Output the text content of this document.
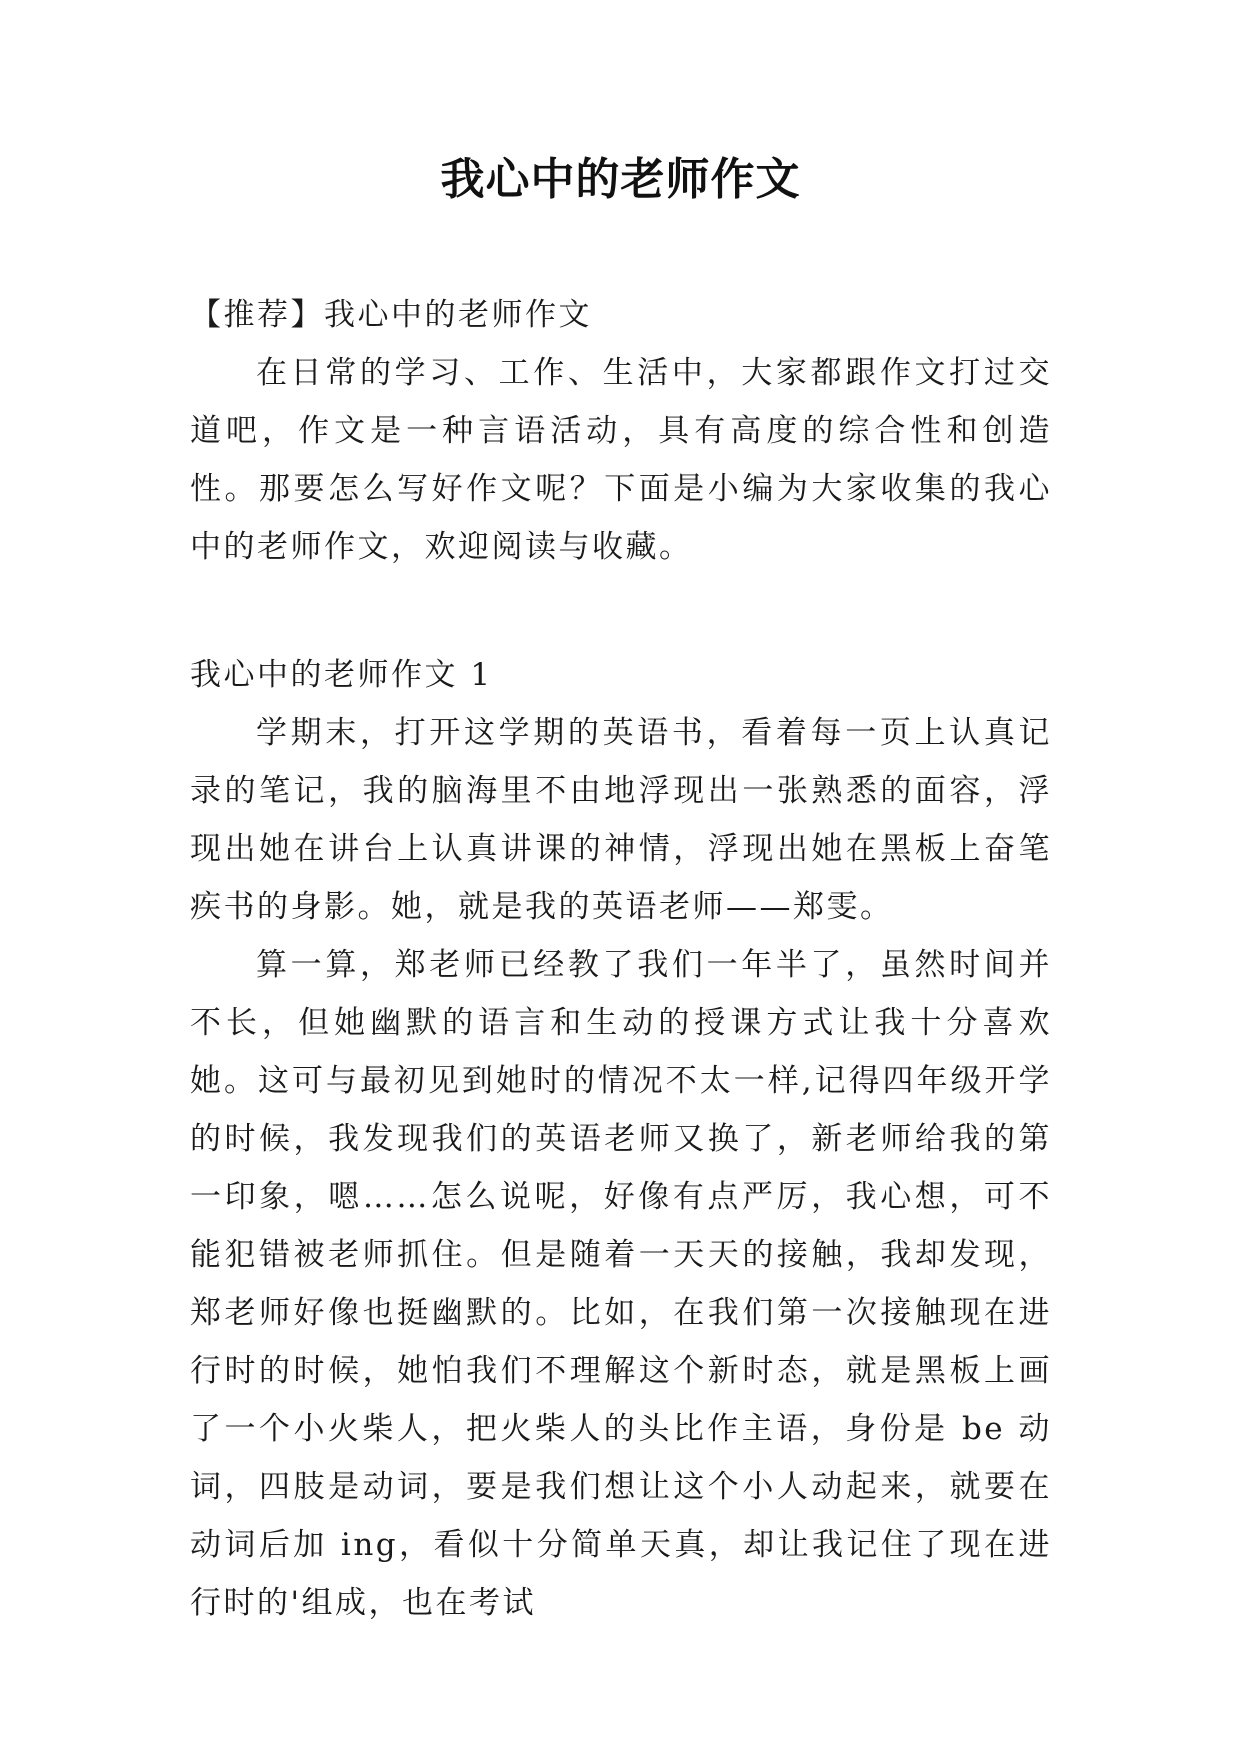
我心中的老师作文

【推荐】我心中的老师作文

在日常的学习、工作、生活中，大家都跟作文打过交道吧，作文是一种言语活动，具有高度的综合性和创造性。那要怎么写好作文呢？下面是小编为大家收集的我心中的老师作文，欢迎阅读与收藏。

我心中的老师作文 1

学期末，打开这学期的英语书，看着每一页上认真记录的笔记，我的脑海里不由地浮现出一张熟悉的面容，浮现出她在讲台上认真讲课的神情，浮现出她在黑板上奋笔疾书的身影。她，就是我的英语老师——郑雯。

算一算，郑老师已经教了我们一年半了，虽然时间并不长，但她幽默的语言和生动的授课方式让我十分喜欢她。这可与最初见到她时的情况不太一样,记得四年级开学的时候，我发现我们的英语老师又换了，新老师给我的第一印象，嗯……怎么说呢，好像有点严厉，我心想，可不能犯错被老师抓住。但是随着一天天的接触，我却发现，郑老师好像也挺幽默的。比如，在我们第一次接触现在进行时的时候，她怕我们不理解这个新时态，就是黑板上画了一个小火柴人，把火柴人的头比作主语，身份是 be 动词，四肢是动词，要是我们想让这个小人动起来，就要在动词后加 ing，看似十分简单天真，却让我记住了现在进行时的'组成，也在考试
